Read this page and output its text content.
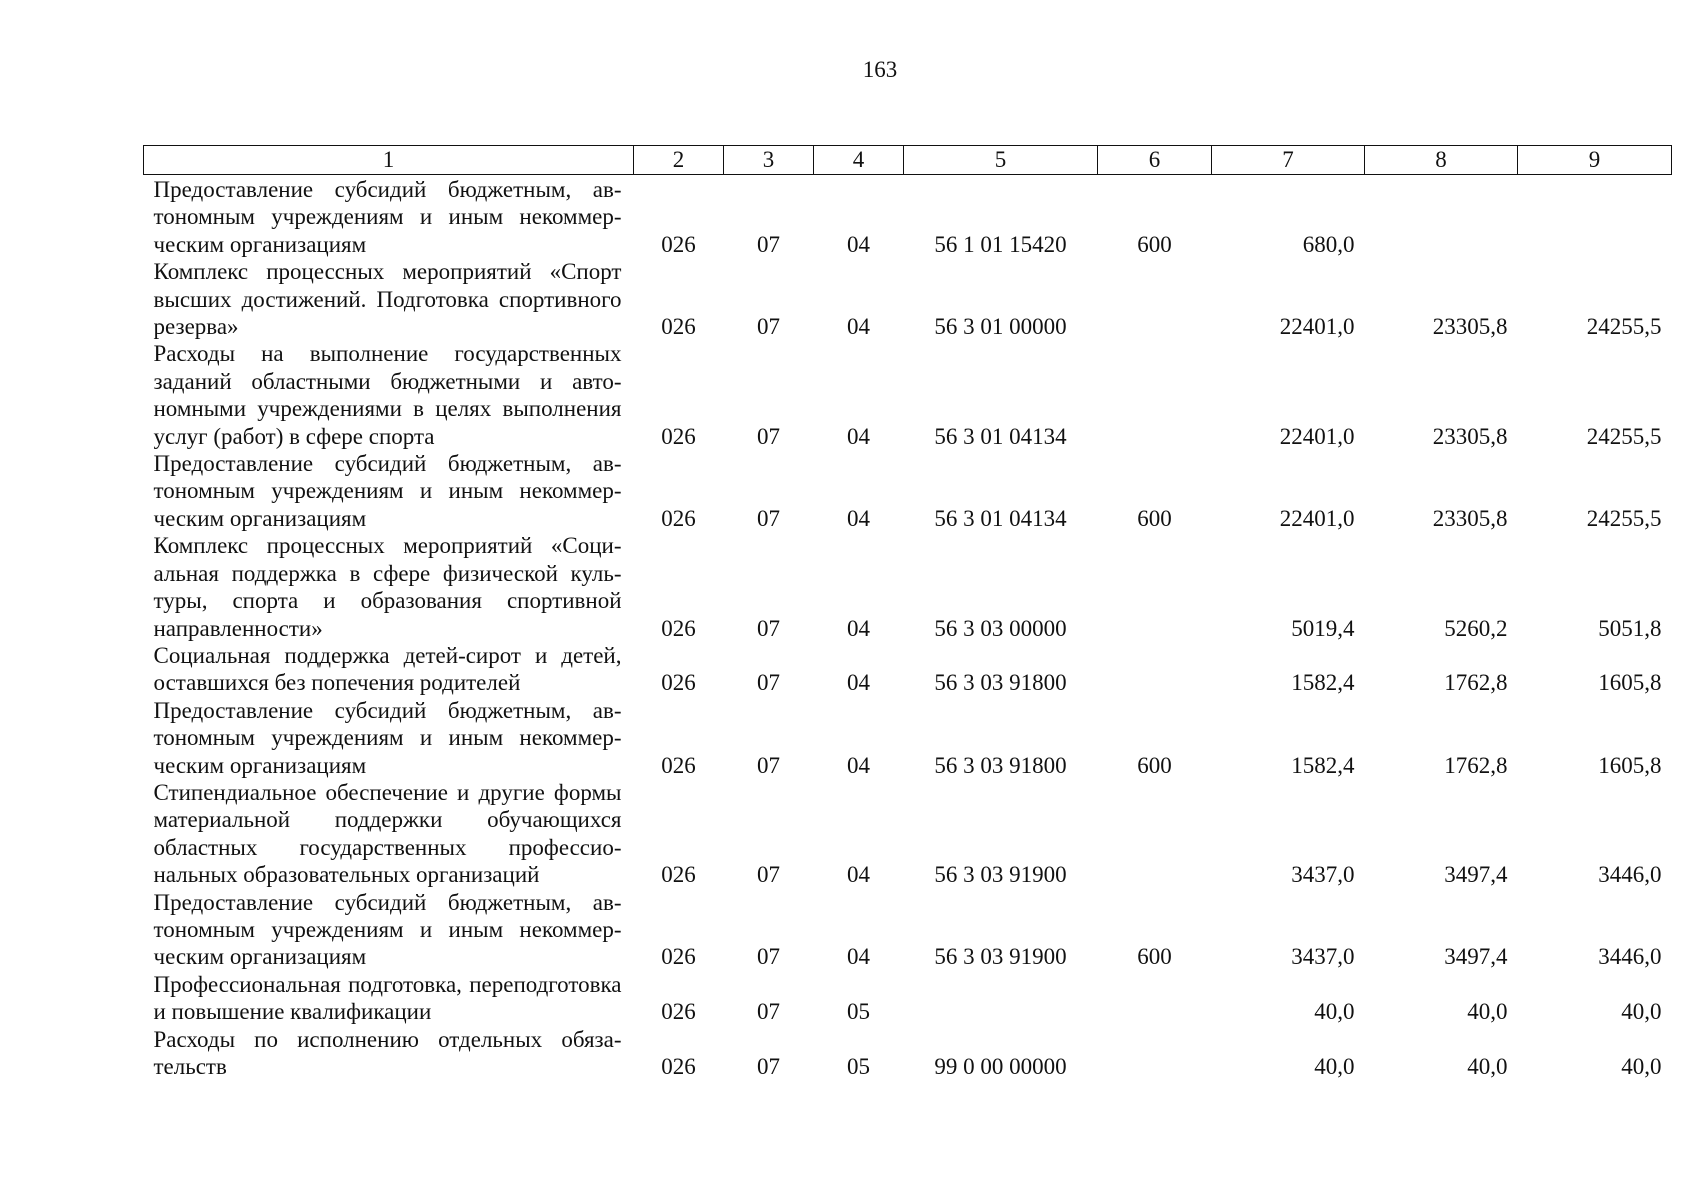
163
1	2	3	4	5	6	7	8	9
Предоставление субсидий бюджетным, автономным учреждениям и иным некоммерческим организациям	026	07	04	56 1 01 15420	600	680,0		
Комплекс процессных мероприятий «Спорт высших достижений. Подготовка спортивного резерва»	026	07	04	56 3 01 00000		22401,0	23305,8	24255,5
Расходы на выполнение государственных заданий областными бюджетными и автономными учреждениями в целях выполнения услуг (работ) в сфере спорта	026	07	04	56 3 01 04134		22401,0	23305,8	24255,5
Предоставление субсидий бюджетным, автономным учреждениям и иным некоммерческим организациям	026	07	04	56 3 01 04134	600	22401,0	23305,8	24255,5
Комплекс процессных мероприятий «Социальная поддержка в сфере физической культуры, спорта и образования спортивной направленности»	026	07	04	56 3 03 00000		5019,4	5260,2	5051,8
Социальная поддержка детей-сирот и детей, оставшихся без попечения родителей	026	07	04	56 3 03 91800		1582,4	1762,8	1605,8
Предоставление субсидий бюджетным, автономным учреждениям и иным некоммерческим организациям	026	07	04	56 3 03 91800	600	1582,4	1762,8	1605,8
Стипендиальное обеспечение и другие формы материальной поддержки обучающихся областных государственных профессиональных образовательных организаций	026	07	04	56 3 03 91900		3437,0	3497,4	3446,0
Предоставление субсидий бюджетным, автономным учреждениям и иным некоммерческим организациям	026	07	04	56 3 03 91900	600	3437,0	3497,4	3446,0
Профессиональная подготовка, переподготовка и повышение квалификации	026	07	05			40,0	40,0	40,0
Расходы по исполнению отдельных обязательств	026	07	05	99 0 00 00000		40,0	40,0	40,0
